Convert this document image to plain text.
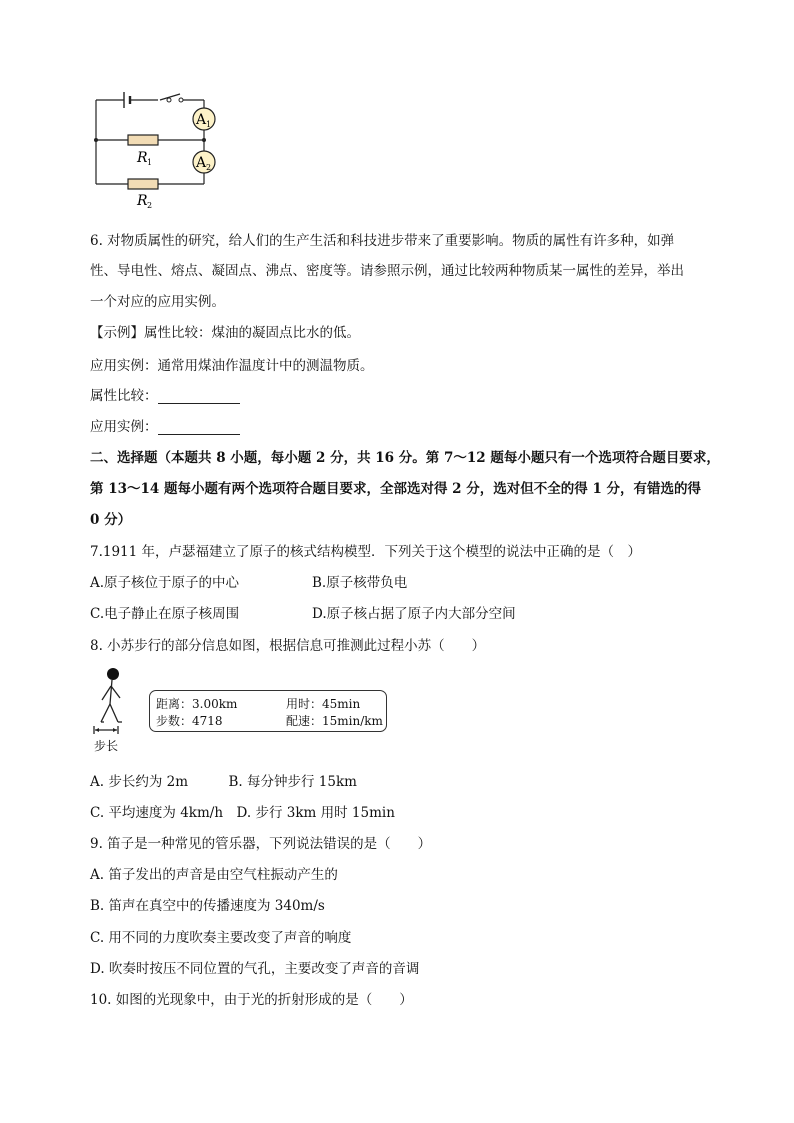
A 1
A 2
R 1
R 2
6. 对物质属性的研究，给人们的生产生活和科技进步带来了重要影响。物质的属性有许多种，如弹
性、导电性、熔点、凝固点、沸点、密度等。请参照示例，通过比较两种物质某一属性的差异，举出
一个对应的应用实例。
【示例】属性比较：煤油的凝固点比水的低。
应用实例：通常用煤油作温度计中的测温物质。
属性比较：
应用实例：
二、选择题（本题共 8 小题，每小题 2 分，共 16 分。第 7～12 题每小题只有一个选项符合题目要求，
第 13～14 题每小题有两个选项符合题目要求，全部选对得 2 分，选对但不全的得 1 分，有错选的得
0 分）
7.1911 年，卢瑟福建立了原子的核式结构模型．下列关于这个模型的说法中正确的是（　）
A.原子核位于原子的中心	B.原子核带负电
C.电子静止在原子核周围	D.原子核占据了原子内大部分空间
8. 小苏步行的部分信息如图，根据信息可推测此过程小苏（　　）
步长
距离：3.00km	用时：45min
步数：4718	配速：15min/km
A. 步长约为 2m　　　B. 每分钟步行 15km
C. 平均速度为 4km/h　D. 步行 3km 用时 15min
9. 笛子是一种常见的管乐器，下列说法错误的是（　　）
A. 笛子发出的声音是由空气柱振动产生的
B. 笛声在真空中的传播速度为 340m/s
C. 用不同的力度吹奏主要改变了声音的响度
D. 吹奏时按压不同位置的气孔，主要改变了声音的音调
10. 如图的光现象中，由于光的折射形成的是（　　）
